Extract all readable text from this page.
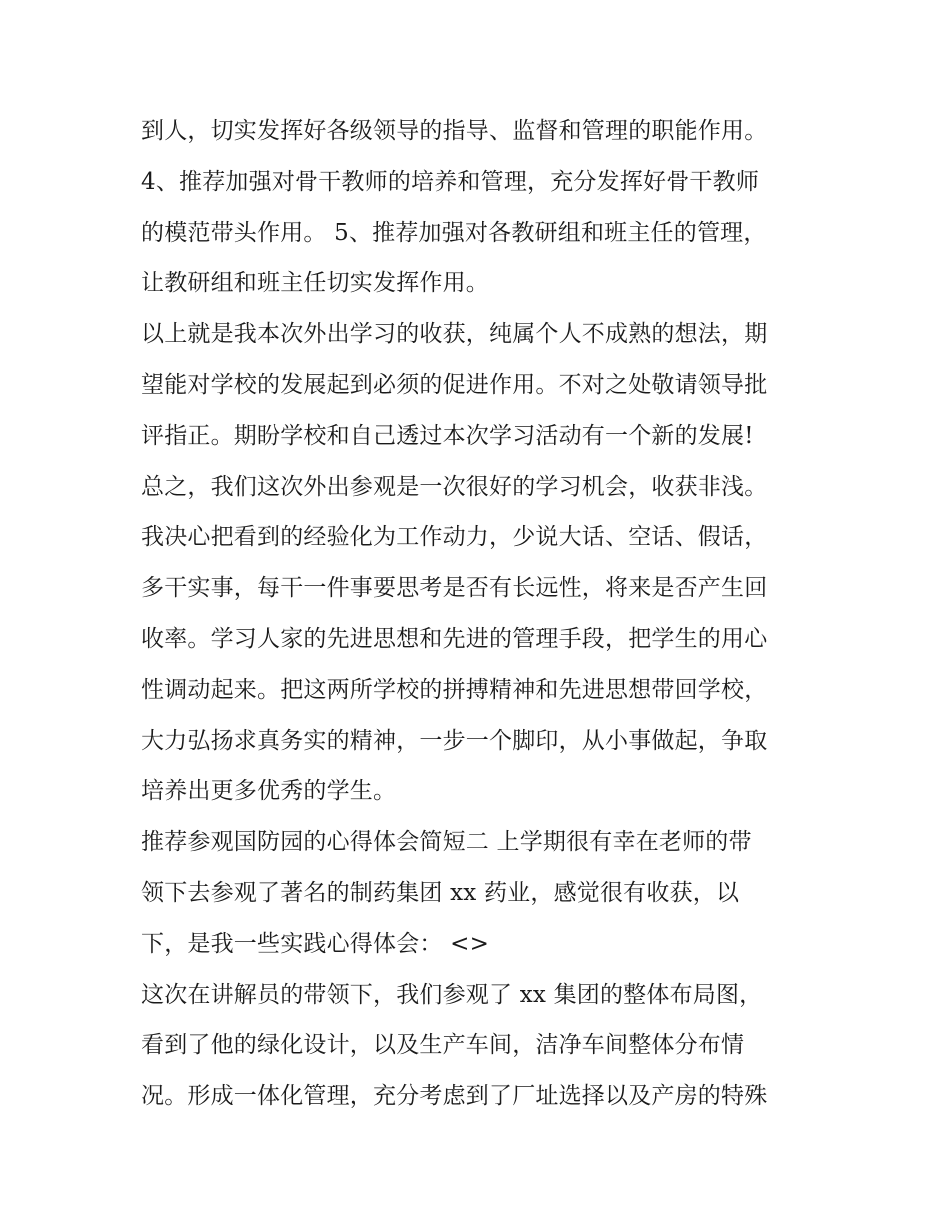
到人，切实发挥好各级领导的指导、监督和管理的职能作用。
4、推荐加强对骨干教师的培养和管理，充分发挥好骨干教师
的模范带头作用。 5、推荐加强对各教研组和班主任的管理，
让教研组和班主任切实发挥作用。
以上就是我本次外出学习的收获，纯属个人不成熟的想法，期
望能对学校的发展起到必须的促进作用。不对之处敬请领导批
评指正。期盼学校和自己透过本次学习活动有一个新的发展!
总之，我们这次外出参观是一次很好的学习机会，收获非浅。
我决心把看到的经验化为工作动力，少说大话、空话、假话，
多干实事，每干一件事要思考是否有长远性，将来是否产生回
收率。学习人家的先进思想和先进的管理手段，把学生的用心
性调动起来。把这两所学校的拼搏精神和先进思想带回学校，
大力弘扬求真务实的精神，一步一个脚印，从小事做起，争取
培养出更多优秀的学生。
推荐参观国防园的心得体会简短二 上学期很有幸在老师的带
领下去参观了著名的制药集团 xx 药业，感觉很有收获，以
下，是我一些实践心得体会： <>
这次在讲解员的带领下，我们参观了 xx 集团的整体布局图，
看到了他的绿化设计，以及生产车间，洁净车间整体分布情
况。形成一体化管理，充分考虑到了厂址选择以及产房的特殊
